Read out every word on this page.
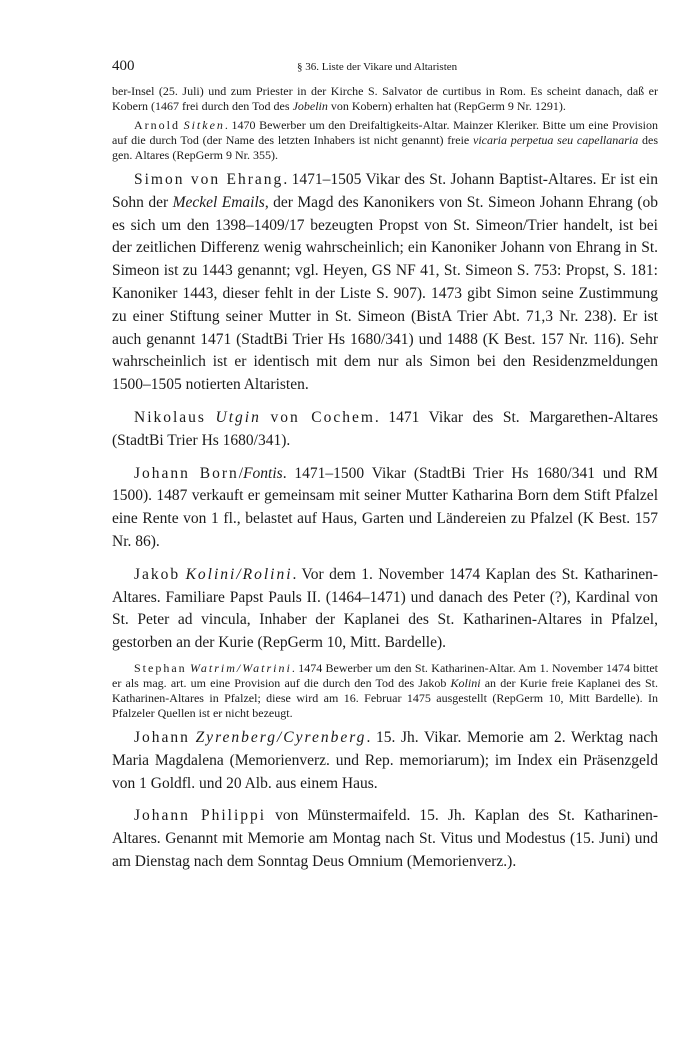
400	§ 36. Liste der Vikare und Altaristen

ber-Insel (25. Juli) und zum Priester in der Kirche S. Salvator de curtibus in Rom. Es scheint danach, daß er Kobern (1467 frei durch den Tod des Jobelin von Kobern) erhalten hat (RepGerm 9 Nr. 1291).

Arnold Sitken. 1470 Bewerber um den Dreifaltigkeits-Altar. Mainzer Kleriker. Bitte um eine Provision auf die durch Tod (der Name des letzten Inhabers ist nicht genannt) freie vicaria perpetua seu capellanaria des gen. Altares (RepGerm 9 Nr. 355).

Simon von Ehrang. 1471–1505 Vikar des St. Johann Baptist-Altares. Er ist ein Sohn der Meckel Emails, der Magd des Kanonikers von St. Simeon Johann Ehrang (ob es sich um den 1398–1409/17 bezeugten Propst von St. Simeon/Trier handelt, ist bei der zeitlichen Differenz wenig wahrscheinlich; ein Kanoniker Johann von Ehrang in St. Simeon ist zu 1443 genannt; vgl. Heyen, GS NF 41, St. Simeon S. 753: Propst, S. 181: Kanoniker 1443, dieser fehlt in der Liste S. 907). 1473 gibt Simon seine Zustimmung zu einer Stiftung seiner Mutter in St. Simeon (BistA Trier Abt. 71,3 Nr. 238). Er ist auch genannt 1471 (StadtBi Trier Hs 1680/341) und 1488 (K Best. 157 Nr. 116). Sehr wahrscheinlich ist er identisch mit dem nur als Simon bei den Residenzmeldungen 1500–1505 notierten Altaristen.

Nikolaus Utgin von Cochem. 1471 Vikar des St. Margarethen-Altares (StadtBi Trier Hs 1680/341).

Johann Born/Fontis. 1471–1500 Vikar (StadtBi Trier Hs 1680/341 und RM 1500). 1487 verkauft er gemeinsam mit seiner Mutter Katharina Born dem Stift Pfalzel eine Rente von 1 fl., belastet auf Haus, Garten und Ländereien zu Pfalzel (K Best. 157 Nr. 86).

Jakob Kolini/Rolini. Vor dem 1. November 1474 Kaplan des St. Katharinen-Altares. Familiare Papst Pauls II. (1464–1471) und danach des Peter (?), Kardinal von St. Peter ad vincula, Inhaber der Kaplanei des St. Katharinen-Altares in Pfalzel, gestorben an der Kurie (RepGerm 10, Mitt. Bardelle).

Stephan Watrim/Watrini. 1474 Bewerber um den St. Katharinen-Altar. Am 1. November 1474 bittet er als mag. art. um eine Provision auf die durch den Tod des Jakob Kolini an der Kurie freie Kaplanei des St. Katharinen-Altares in Pfalzel; diese wird am 16. Februar 1475 ausgestellt (RepGerm 10, Mitt Bardelle). In Pfalzeler Quellen ist er nicht bezeugt.

Johann Zyrenberg/Cyrenberg. 15. Jh. Vikar. Memorie am 2. Werktag nach Maria Magdalena (Memorienverz. und Rep. memoriarum); im Index ein Präsenzgeld von 1 Goldfl. und 20 Alb. aus einem Haus.

Johann Philippi von Münstermaifeld. 15. Jh. Kaplan des St. Katharinen-Altares. Genannt mit Memorie am Montag nach St. Vitus und Modestus (15. Juni) und am Dienstag nach dem Sonntag Deus Omnium (Memorienverz.).
